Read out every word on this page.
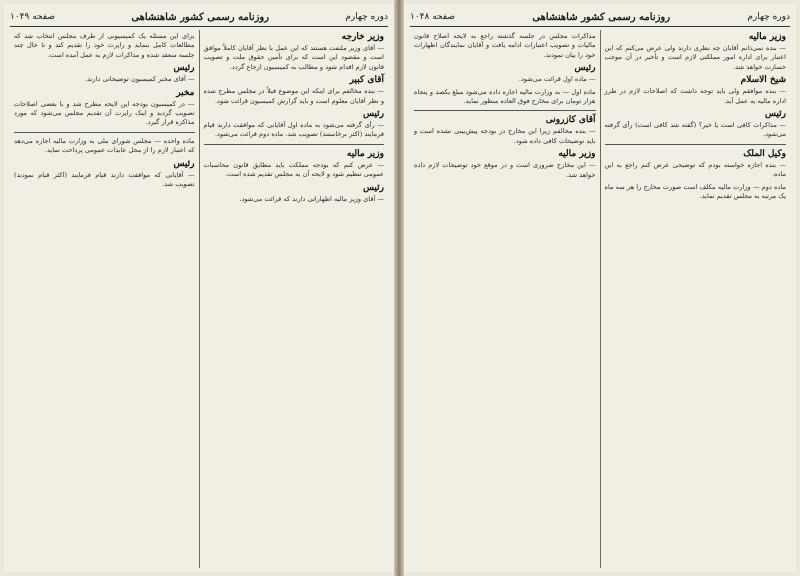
دوره چهارم
روزنامه رسمی کشور شاهنشاهی
صفحه ۱۰۴۹
وزیر خارجه
— آقای وزیر ملتفت هستند که این عمل با نظر آقایان کاملاً موافق است و مقصود این است که برای تأمین حقوق ملت و تصویب قانون لازم اقدام شود و مطالب به کمیسیون ارجاع گردد.
آقای کبیر
— بنده مخالفم برای اینکه این موضوع قبلاً در مجلس مطرح شده و نظر آقایان معلوم است و باید گزارش کمیسیون قرائت شود.
رئیس
— رأی گرفته می‌شود به ماده اول آقایانی که موافقت دارند قیام فرمایند (اکثر برخاستند) تصویب شد. ماده دوم قرائت می‌شود.
وزیر مالیه
— عرض کنم که بودجه مملکت باید مطابق قانون محاسبات عمومی تنظیم شود و لایحه آن به مجلس تقدیم شده است.
رئیس
— آقای وزیر مالیه اظهاراتی دارند که قرائت می‌شود.
برای این مسئله یک کمیسیونی از طرف مجلس انتخاب شد که مطالعات کامل بنماید و راپرت خود را تقدیم کند و تا حال چند جلسه منعقد شده و مذاکرات لازم به عمل آمده است.
رئیس
— آقای مخبر کمیسیون توضیحاتی دارند.
مخبر
— در کمیسیون بودجه این لایحه مطرح شد و با بعضی اصلاحات تصویب گردید و اینک راپرت آن تقدیم مجلس می‌شود که مورد مذاکره قرار گیرد.
ماده واحده — مجلس شورای ملی به وزارت مالیه اجازه می‌دهد که اعتبار لازم را از محل عایدات عمومی پرداخت نماید.
رئیس
— آقایانی که موافقت دارند قیام فرمایند (اکثر قیام نمودند) تصویب شد.
دوره چهارم
روزنامه رسمی کشور شاهنشاهی
صفحه ۱۰۴۸
وزیر مالیه
— بنده نمی‌دانم آقایان چه نظری دارند ولی عرض می‌کنم که این اعتبار برای اداره امور مملکتی لازم است و تأخیر در آن موجب خسارت خواهد شد.
شیخ الاسلام
— بنده موافقم ولی باید توجه داشت که اصلاحات لازم در طرز اداره مالیه به عمل آید.
رئیس
— مذاکرات کافی است یا خیر؟ (گفته شد کافی است) رأی گرفته می‌شود.
وکیل الملک
— بنده اجازه خواسته بودم که توضیحی عرض کنم راجع به این ماده.
ماده دوم — وزارت مالیه مکلف است صورت مخارج را هر سه ماه یک مرتبه به مجلس تقدیم نماید.
مذاکرات مجلس در جلسه گذشته راجع به لایحه اصلاح قانون مالیات و تصویب اعتبارات ادامه یافت و آقایان نمایندگان اظهارات خود را بیان نمودند.
رئیس
— ماده اول قرائت می‌شود.
ماده اول — به وزارت مالیه اجازه داده می‌شود مبلغ یکصد و پنجاه هزار تومان برای مخارج فوق العاده منظور نماید.
آقای کازرونی
— بنده مخالفم زیرا این مخارج در بودجه پیش‌بینی نشده است و باید توضیحات کافی داده شود.
وزیر مالیه
— این مخارج ضروری است و در موقع خود توضیحات لازم داده خواهد شد.
